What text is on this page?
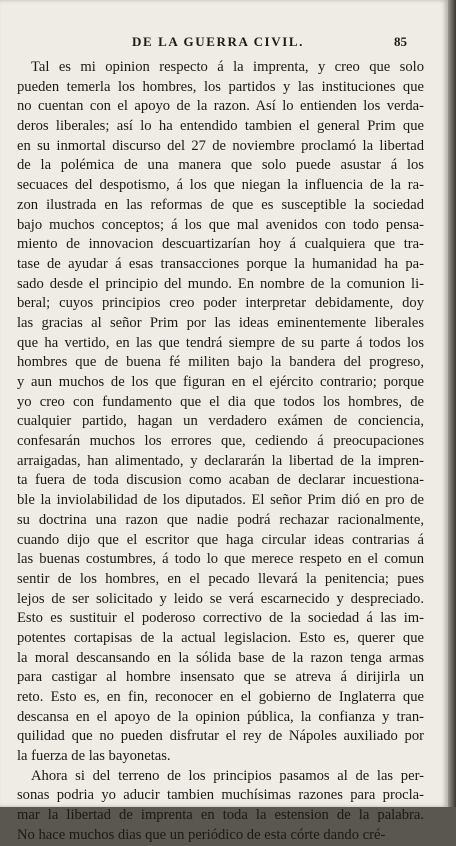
DE LA GUERRA CIVIL.	85
Tal es mi opinion respecto á la imprenta, y creo que solo
pueden temerla los hombres, los partidos y las instituciones que
no cuentan con el apoyo de la razon. Así lo entienden los verda-
deros liberales; así lo ha entendido tambien el general Prim que
en su inmortal discurso del 27 de noviembre proclamó la libertad
de la polémica de una manera que solo puede asustar á los
secuaces del despotismo, á los que niegan la influencia de la ra-
zon ilustrada en las reformas de que es susceptible la sociedad
bajo muchos conceptos; á los que mal avenidos con todo pensa-
miento de innovacion descuartizarían hoy á cualquiera que tra-
tase de ayudar á esas transacciones porque la humanidad ha pa-
sado desde el principio del mundo. En nombre de la comunion li-
beral; cuyos principios creo poder interpretar debidamente, doy
las gracias al señor Prim por las ideas eminentemente liberales
que ha vertido, en las que tendrá siempre de su parte á todos los
hombres que de buena fé militen bajo la bandera del progreso,
y aun muchos de los que figuran en el ejército contrario; porque
yo creo con fundamento que el dia que todos los hombres, de
cualquier partido, hagan un verdadero exámen de conciencia,
confesarán muchos los errores que, cediendo á preocupaciones
arraigadas, han alimentado, y declararán la libertad de la impren-
ta fuera de toda discusion como acaban de declarar incuestiona-
ble la inviolabilidad de los diputados. El señor Prim dió en pro de
su doctrina una razon que nadie podrá rechazar racionalmente,
cuando dijo que el escritor que haga circular ideas contrarias á
las buenas costumbres, á todo lo que merece respeto en el comun
sentir de los hombres, en el pecado llevará la penitencia; pues
lejos de ser solicitado y leido se verá escarnecido y despreciado.
Esto es sustituir el poderoso correctivo de la sociedad á las im-
potentes cortapisas de la actual legislacion. Esto es, querer que
la moral descansando en la sólida base de la razon tenga armas
para castigar al hombre insensato que se atreva á dirijirla un
reto. Esto es, en fin, reconocer en el gobierno de Inglaterra que
descansa en el apoyo de la opinion pública, la confianza y tran-
quilidad que no pueden disfrutar el rey de Nápoles auxiliado por
la fuerza de las bayonetas.
Ahora si del terreno de los principios pasamos al de las per-
sonas podria yo aducir tambien muchísimas razones para procla-
mar la libertad de imprenta en toda la estension de la palabra.
No hace muchos dias que un periódico de esta córte dando cré-
